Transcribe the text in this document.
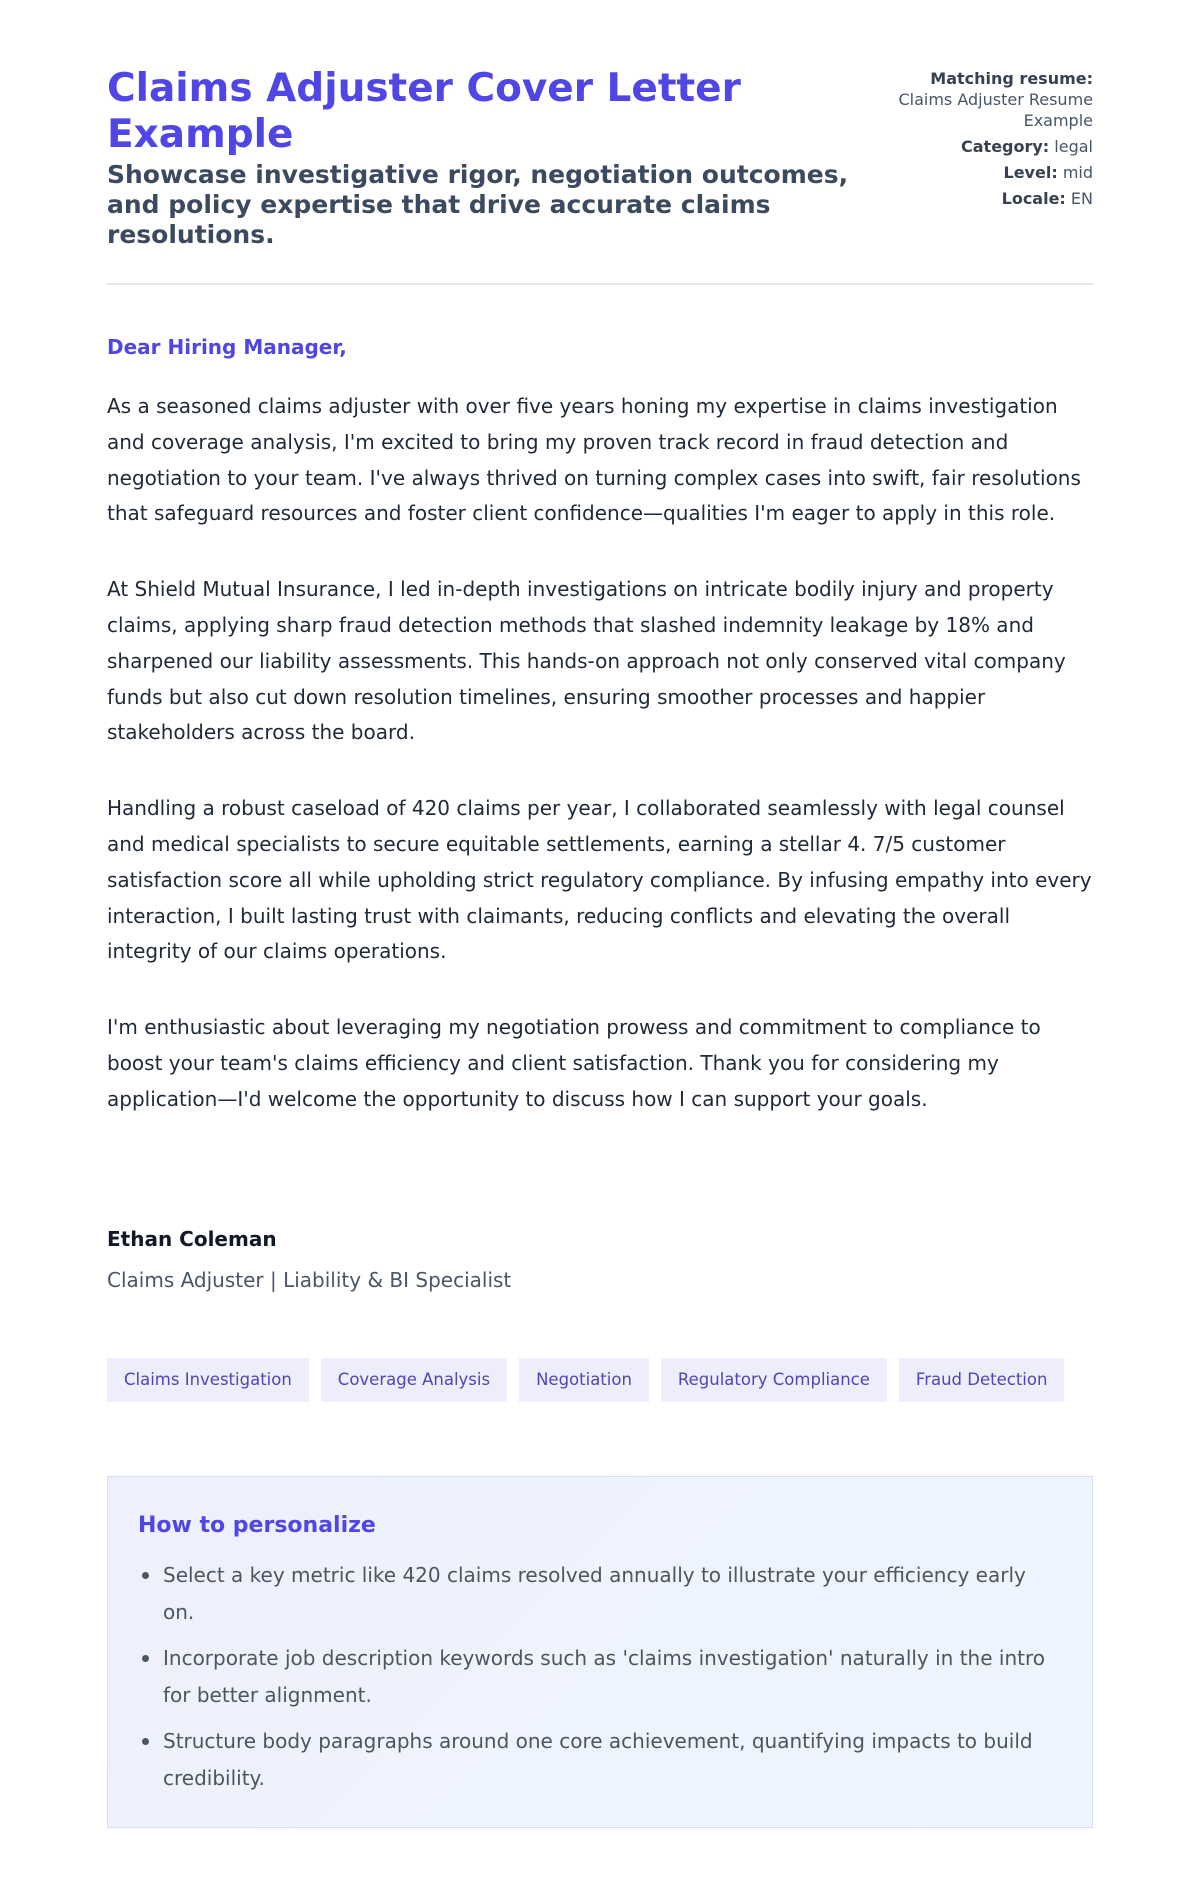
Claims Adjuster Cover Letter Example
Showcase investigative rigor, negotiation outcomes, and policy expertise that drive accurate claims resolutions.
Matching resume:
Claims Adjuster Resume Example
Category: legal
Level: mid
Locale: EN
Dear Hiring Manager,

As a seasoned claims adjuster with over five years honing my expertise in claims investigation and coverage analysis, I'm excited to bring my proven track record in fraud detection and negotiation to your team. I've always thrived on turning complex cases into swift, fair resolutions that safeguard resources and foster client confidence—qualities I'm eager to apply in this role.

At Shield Mutual Insurance, I led in-depth investigations on intricate bodily injury and property claims, applying sharp fraud detection methods that slashed indemnity leakage by 18% and sharpened our liability assessments. This hands-on approach not only conserved vital company funds but also cut down resolution timelines, ensuring smoother processes and happier stakeholders across the board.

Handling a robust caseload of 420 claims per year, I collaborated seamlessly with legal counsel and medical specialists to secure equitable settlements, earning a stellar 4. 7/5 customer satisfaction score all while upholding strict regulatory compliance. By infusing empathy into every interaction, I built lasting trust with claimants, reducing conflicts and elevating the overall integrity of our claims operations.

I'm enthusiastic about leveraging my negotiation prowess and commitment to compliance to boost your team's claims efficiency and client satisfaction. Thank you for considering my application—I'd welcome the opportunity to discuss how I can support your goals.

Ethan Coleman
Claims Adjuster | Liability & BI Specialist
Claims Investigation	Coverage Analysis	Negotiation	Regulatory Compliance	Fraud Detection
How to personalize
Select a key metric like 420 claims resolved annually to illustrate your efficiency early on.
Incorporate job description keywords such as 'claims investigation' naturally in the intro for better alignment.
Structure body paragraphs around one core achievement, quantifying impacts to build credibility.
